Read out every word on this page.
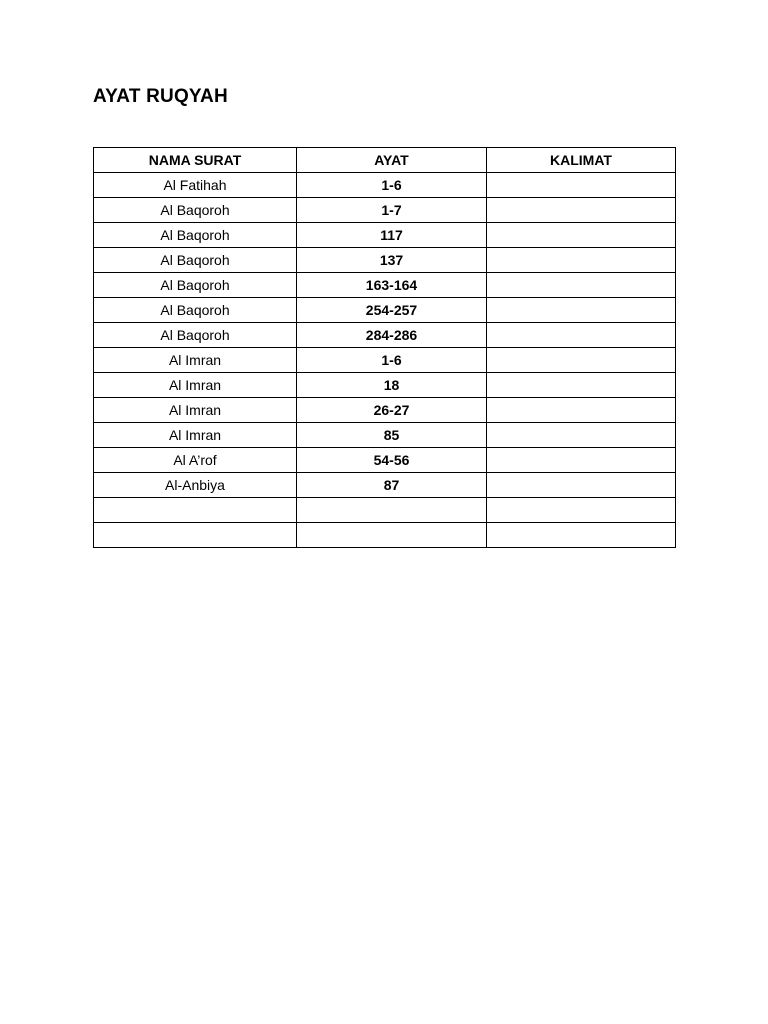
AYAT RUQYAH
NAMA SURAT	AYAT	KALIMAT
Al Fatihah	1-6	
Al Baqoroh	1-7	
Al Baqoroh	117	
Al Baqoroh	137	
Al Baqoroh	163-164	
Al Baqoroh	254-257	
Al Baqoroh	284-286	
Al Imran	1-6	
Al Imran	18	
Al Imran	26-27	
Al Imran	85	
Al A’rof	54-56	
Al-Anbiya	87	
